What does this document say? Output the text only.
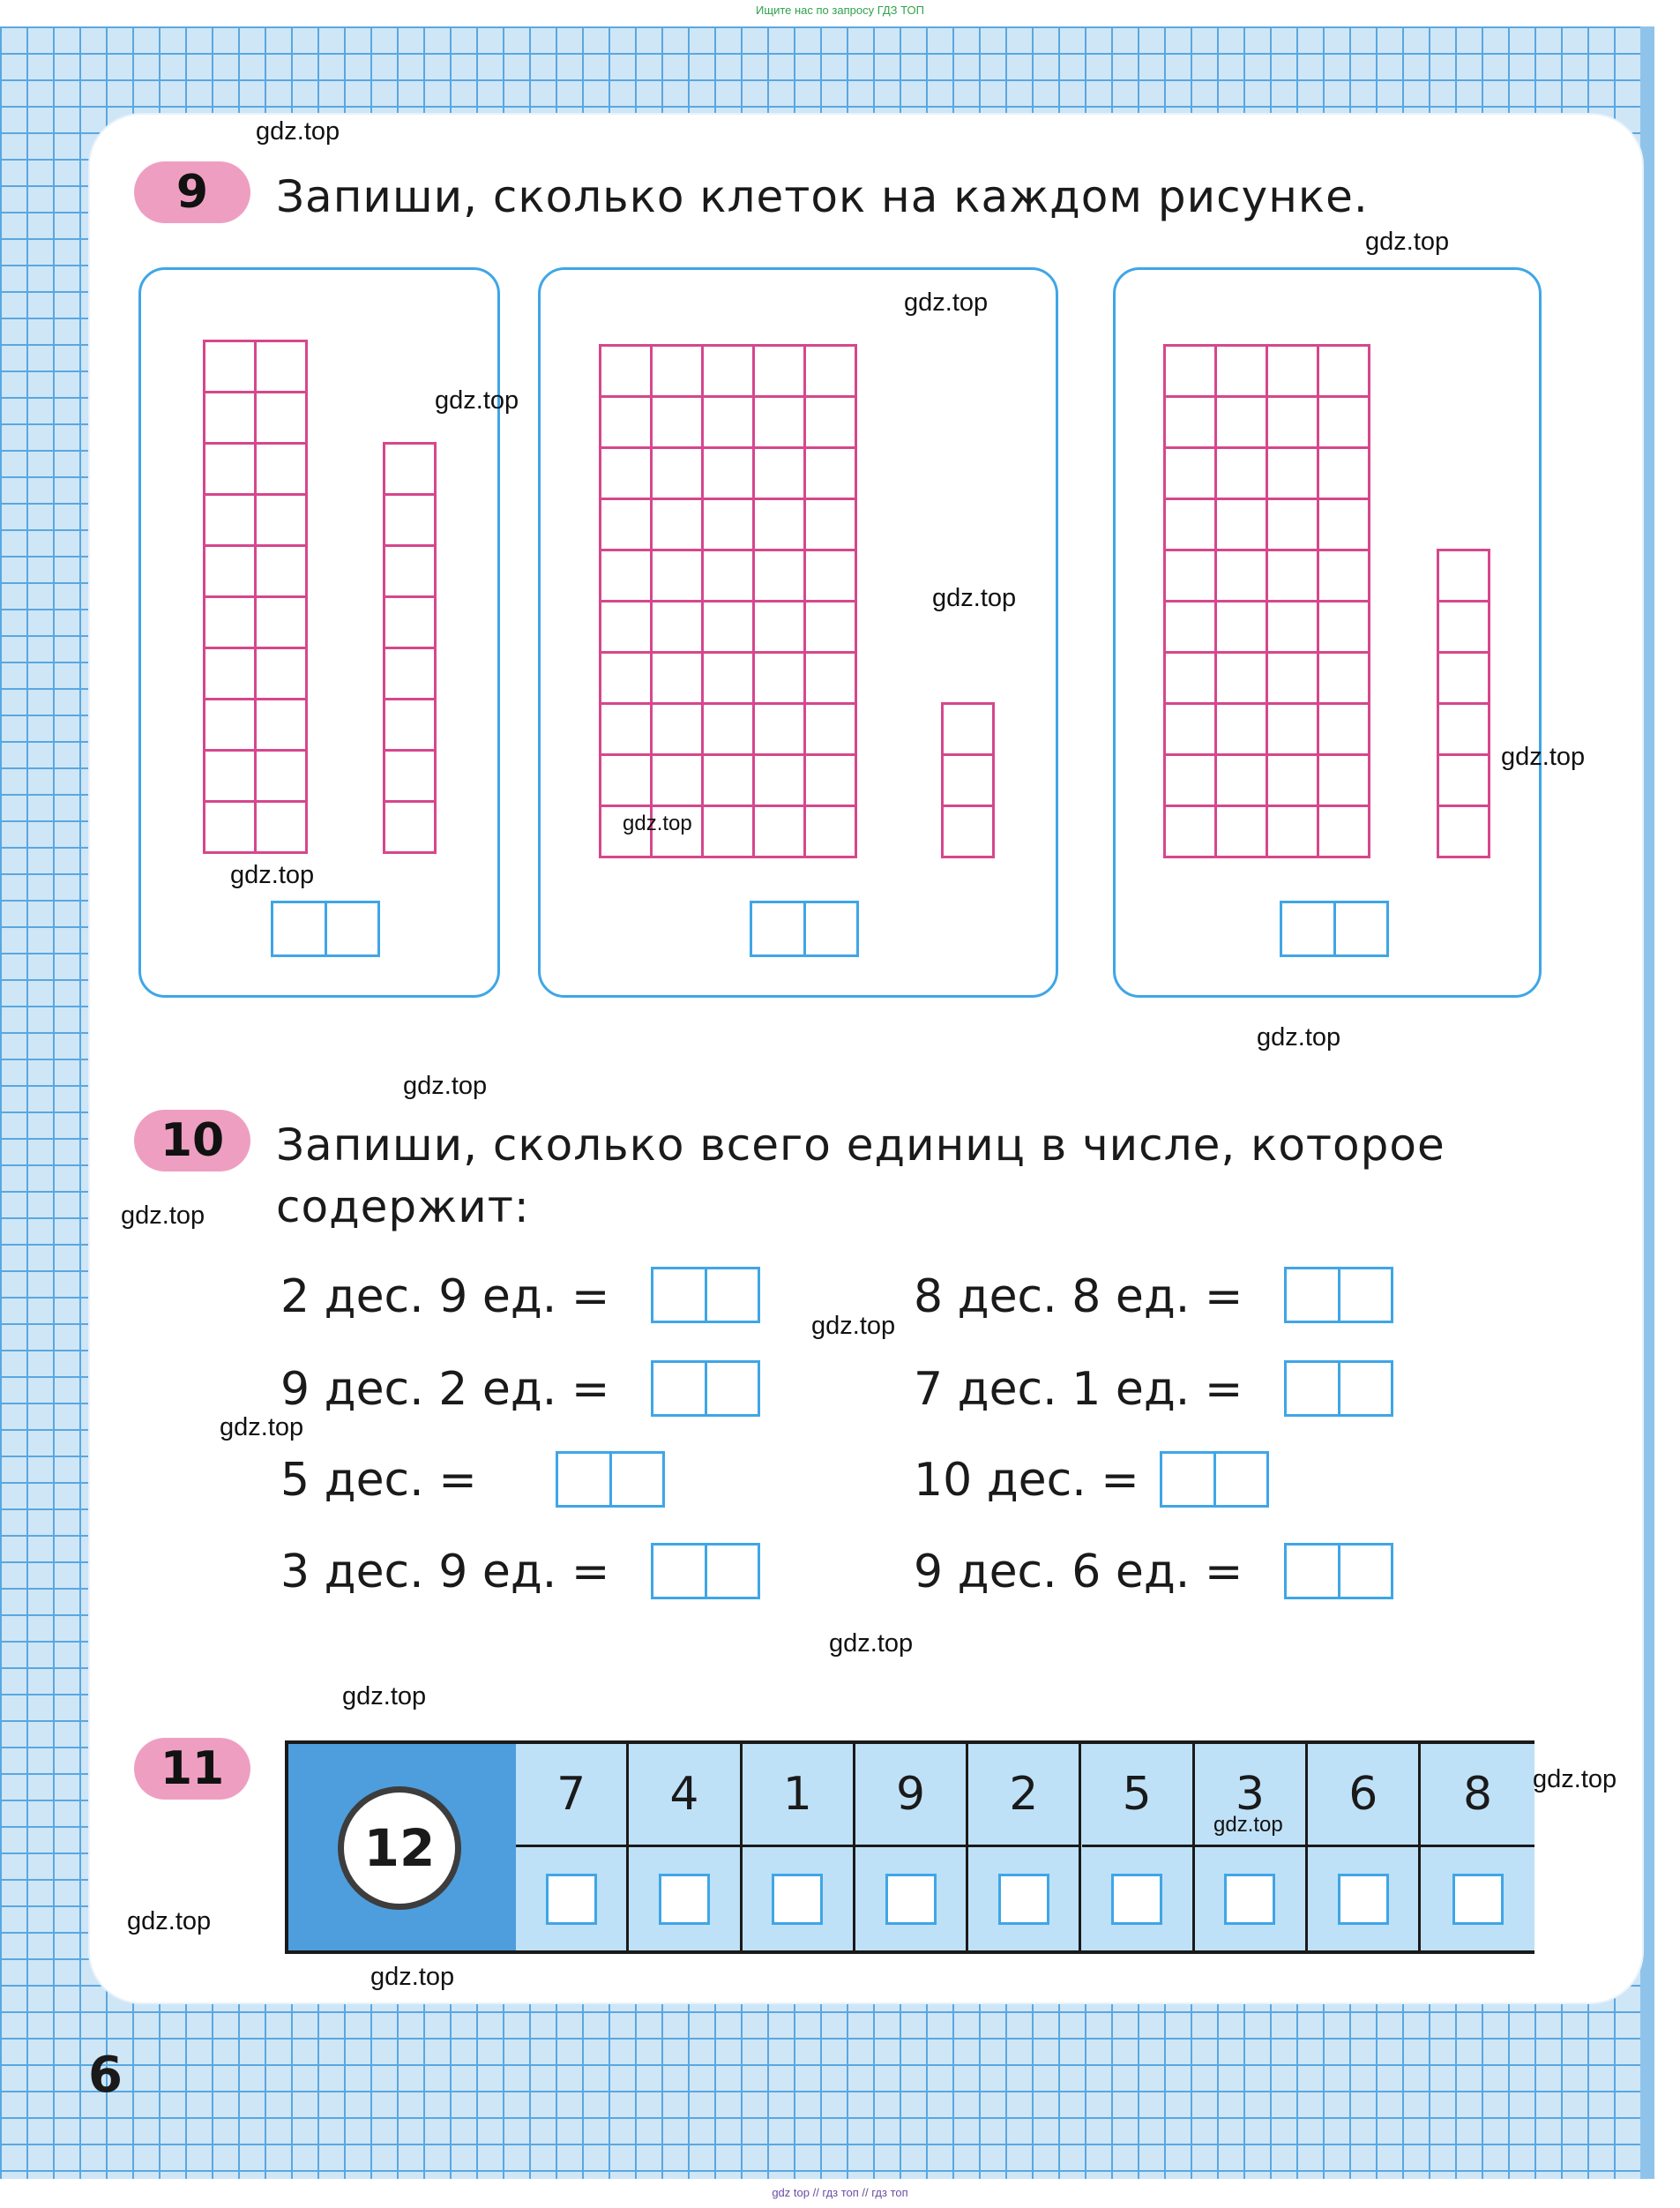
Ищите нас по запросу ГДЗ ТОП
gdz top // гдз топ // гдз топ
9	Запиши, сколько клеток на каждом рисунке.
10	Запиши, сколько всего единиц в числе, которое
содержит:
2 дес. 9 ед. =
9 дес. 2 ед. =
5 дес. =
3 дес. 9 ед. =
8 дес. 8 ед. =
7 дес. 1 ед. =
10 дес. =
9 дес. 6 ед. =
11
12
7	4	1	9	2	5	3	6	8
6
gdz.top
gdz.top
gdz.top
gdz.top
gdz.top
gdz.top
gdz.top
gdz.top
gdz.top
gdz.top
gdz.top
gdz.top
gdz.top
gdz.top
gdz.top
gdz.top
gdz.top
gdz.top
gdz.top
